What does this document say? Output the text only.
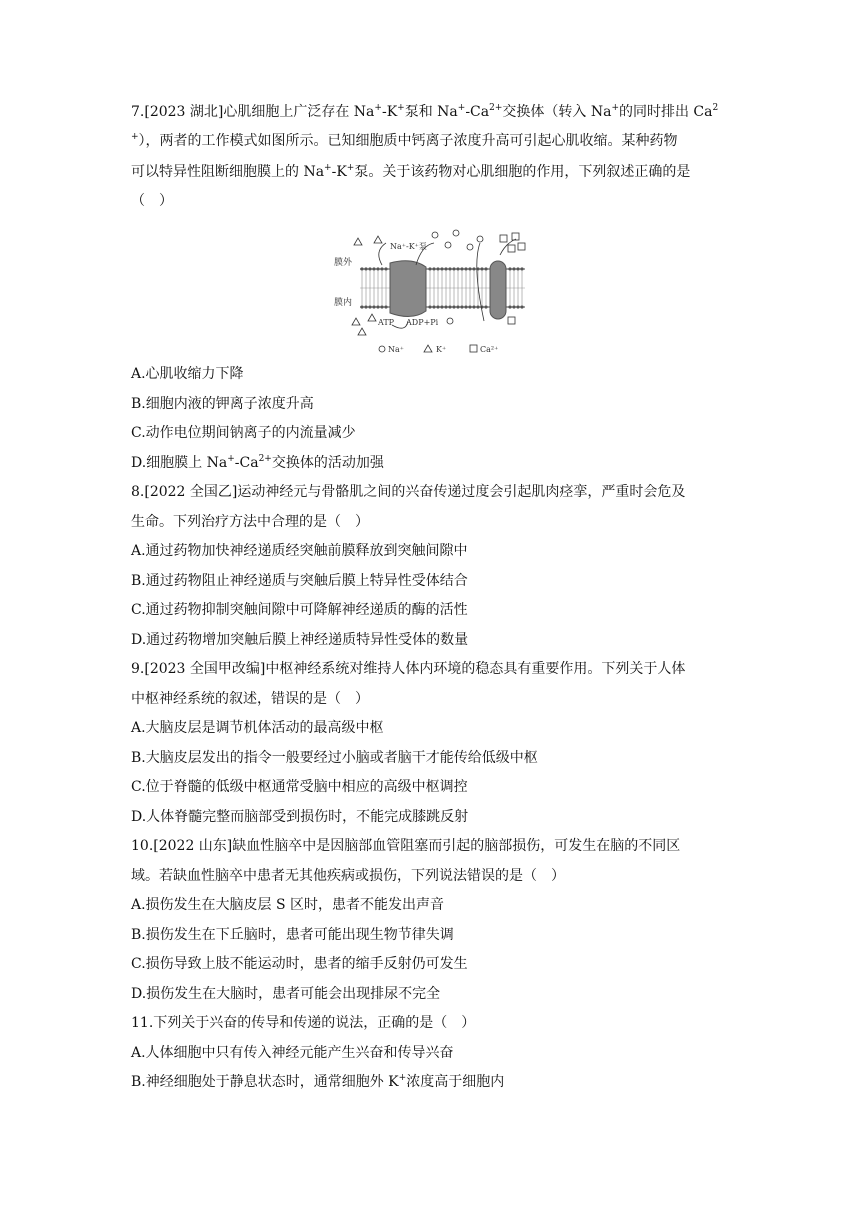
7.[2023 湖北]心肌细胞上广泛存在 Na+-K+泵和 $Na^+-Ca^{2+}$交换体（转入 Na+的同时排出 Ca$^2$
+），两者的工作模式如图所示。已知细胞质中钙离子浓度升高可引起心肌收缩。某种药物
可以特异性阻断细胞膜上的 Na+-K+泵。关于该药物对心肌细胞的作用，下列叙述正确的是
（　）
膜外
膜内
Na⁺-K⁺泵
ATP ADP+Pi
Na⁺	K⁺	Ca²⁺
A.心肌收缩力下降
B.细胞内液的钾离子浓度升高
C.动作电位期间钠离子的内流量减少
D.细胞膜上 $Na^+-Ca^{2+}$交换体的活动加强
8.[2022 全国乙]运动神经元与骨骼肌之间的兴奋传递过度会引起肌肉痉挛，严重时会危及
生命。下列治疗方法中合理的是（　）
A.通过药物加快神经递质经突触前膜释放到突触间隙中
B.通过药物阻止神经递质与突触后膜上特异性受体结合
C.通过药物抑制突触间隙中可降解神经递质的酶的活性
D.通过药物增加突触后膜上神经递质特异性受体的数量
9.[2023 全国甲改编]中枢神经系统对维持人体内环境的稳态具有重要作用。下列关于人体
中枢神经系统的叙述，错误的是（　）
A.大脑皮层是调节机体活动的最高级中枢
B.大脑皮层发出的指令一般要经过小脑或者脑干才能传给低级中枢
C.位于脊髓的低级中枢通常受脑中相应的高级中枢调控
D.人体脊髓完整而脑部受到损伤时，不能完成膝跳反射
10.[2022 山东]缺血性脑卒中是因脑部血管阻塞而引起的脑部损伤，可发生在脑的不同区
域。若缺血性脑卒中患者无其他疾病或损伤，下列说法错误的是（　）
A.损伤发生在大脑皮层 S 区时，患者不能发出声音
B.损伤发生在下丘脑时，患者可能出现生物节律失调
C.损伤导致上肢不能运动时，患者的缩手反射仍可发生
D.损伤发生在大脑时，患者可能会出现排尿不完全
11.下列关于兴奋的传导和传递的说法，正确的是（　）
A.人体细胞中只有传入神经元能产生兴奋和传导兴奋
B.神经细胞处于静息状态时，通常细胞外 K+浓度高于细胞内
